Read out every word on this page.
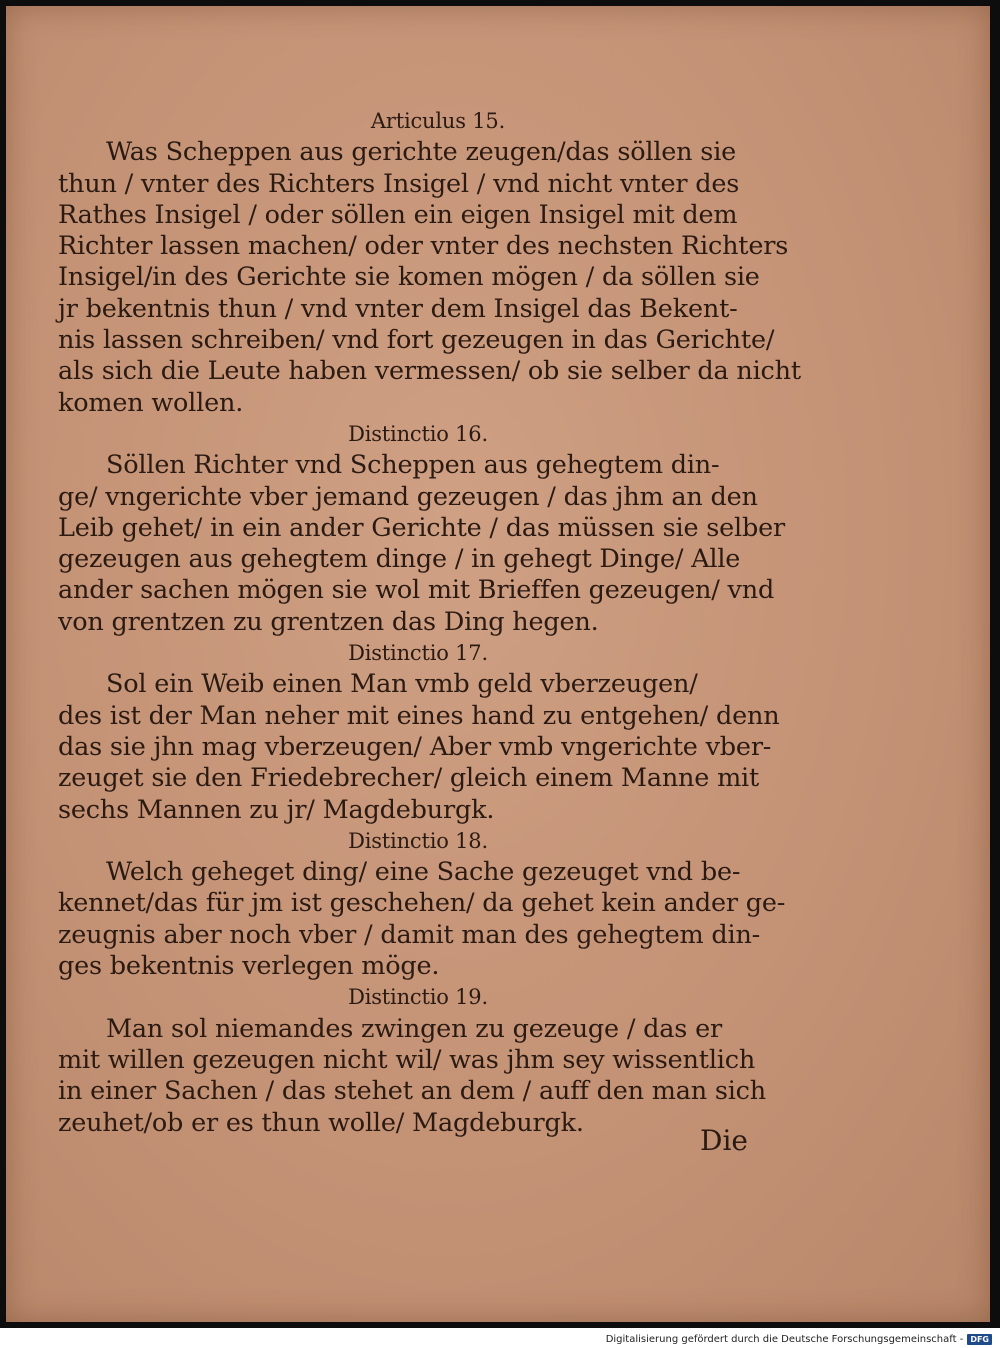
Articulus 15.
Was Scheppen aus gerichte zeugen/das söllen sie
thun / vnter des Richters Insigel / vnd nicht vnter des
Rathes Insigel / oder söllen ein eigen Insigel mit dem
Richter lassen machen/ oder vnter des nechsten Richters
Insigel/in des Gerichte sie komen mögen / da söllen sie
jr bekentnis thun / vnd vnter dem Insigel das Bekent-
nis lassen schreiben/ vnd fort gezeugen in das Gerichte/
als sich die Leute haben vermessen/ ob sie selber da nicht
komen wollen.
Distinctio 16.
Söllen Richter vnd Scheppen aus gehegtem din-
ge/ vngerichte vber jemand gezeugen / das jhm an den
Leib gehet/ in ein ander Gerichte / das müssen sie selber
gezeugen aus gehegtem dinge / in gehegt Dinge/ Alle
ander sachen mögen sie wol mit Brieffen gezeugen/ vnd
von grentzen zu grentzen das Ding hegen.
Distinctio 17.
Sol ein Weib einen Man vmb geld vberzeugen/
des ist der Man neher mit eines hand zu entgehen/ denn
das sie jhn mag vberzeugen/ Aber vmb vngerichte vber-
zeuget sie den Friedebrecher/ gleich einem Manne mit
sechs Mannen zu jr/ Magdeburgk.
Distinctio 18.
Welch geheget ding/ eine Sache gezeuget vnd be-
kennet/das für jm ist geschehen/ da gehet kein ander ge-
zeugnis aber noch vber / damit man des gehegtem din-
ges bekentnis verlegen möge.
Distinctio 19.
Man sol niemandes zwingen zu gezeuge / das er
mit willen gezeugen nicht wil/ was jhm sey wissentlich
in einer Sachen / das stehet an dem / auff den man sich
zeuhet/ob er es thun wolle/ Magdeburgk.
Die
Digitalisierung gefördert durch die Deutsche Forschungsgemeinschaft - DFG
